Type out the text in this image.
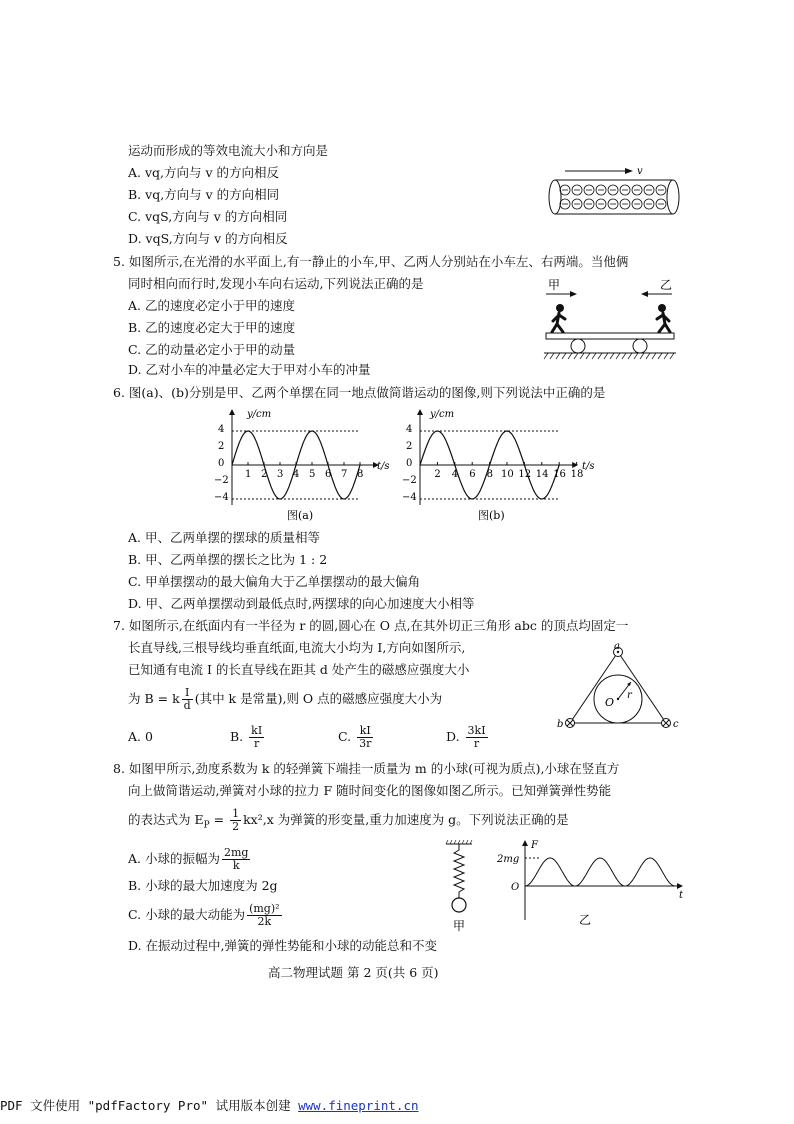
运动而形成的等效电流大小和方向是
A. vq,方向与 v 的方向相反
B. vq,方向与 v 的方向相同
C. vqS,方向与 v 的方向相同
D. vqS,方向与 v 的方向相反
v
5. 如图所示,在光滑的水平面上,有一静止的小车,甲、乙两人分别站在小车左、右两端。当他俩
同时相向而行时,发现小车向右运动,下列说法正确的是
A. 乙的速度必定小于甲的速度
B. 乙的速度必定大于甲的速度
C. 乙的动量必定小于甲的动量
D. 乙对小车的冲量必定大于甲对小车的冲量
甲	乙
6. 图(a)、(b)分别是甲、乙两个单摆在同一地点做简谐运动的图像,则下列说法中正确的是
y/cm
t/s
4
2
0
−2
−4
1 2 3 4 5 6 7 8
图(a)
y/cm
t/s
4
2
0
−2
−4
2 4 6 8 10 12 14 16 18
图(b)
A. 甲、乙两单摆的摆球的质量相等
B. 甲、乙两单摆的摆长之比为 1 : 2
C. 甲单摆摆动的最大偏角大于乙单摆摆动的最大偏角
D. 甲、乙两单摆摆动到最低点时,两摆球的向心加速度大小相等
7. 如图所示,在纸面内有一半径为 r 的圆,圆心在 O 点,在其外切正三角形 abc 的顶点均固定一
长直导线,三根导线均垂直纸面,电流大小均为 I,方向如图所示,
已知通有电流 I 的长直导线在距其 d 处产生的磁感应强度大小
为 B = k $\frac{I}{d}$ (其中 k 是常量),则 O 点的磁感应强度大小为
A. 0	B. $\frac{kI}{r}$	C. $\frac{kI}{3r}$	D. $\frac{3kI}{r}$
a
b	c
O
r
8. 如图甲所示,劲度系数为 k 的轻弹簧下端挂一质量为 m 的小球(可视为质点),小球在竖直方
向上做简谐运动,弹簧对小球的拉力 F 随时间变化的图像如图乙所示。已知弹簧弹性势能
的表达式为 $E_P = \frac{1}{2} kx^2,x$ 为弹簧的形变量,重力加速度为 g。下列说法正确的是
A. 小球的振幅为 $\frac{2mg}{k}$
B. 小球的最大加速度为 2g
C. 小球的最大动能为 $\frac{\text{(mg)²}}{2k}$
D. 在振动过程中,弹簧的弹性势能和小球的动能总和不变
甲
F
2mg
O
t
乙
高二物理试题 第 2 页(共 6 页)
PDF 文件使用 "pdfFactory Pro" 试用版本创建 www.fineprint.cn
